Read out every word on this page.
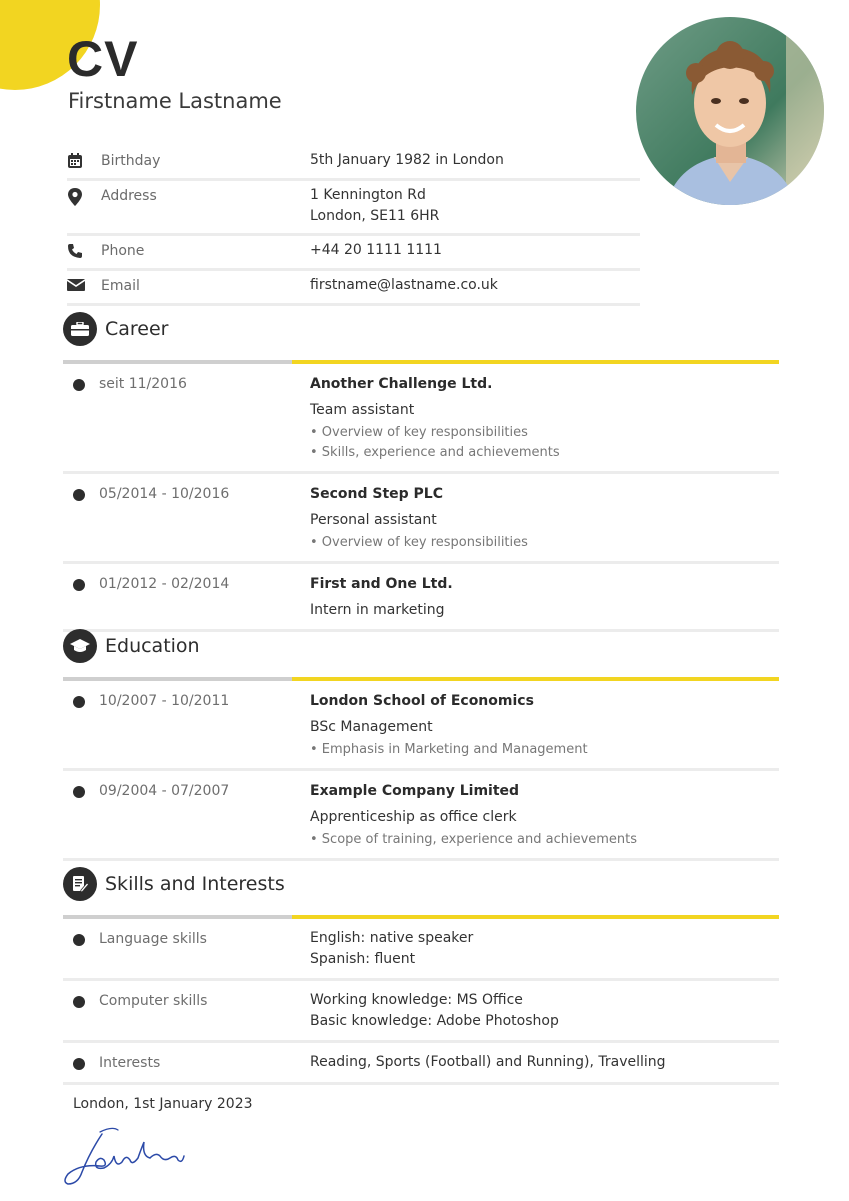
CV
Firstname Lastname
Birthday	5th January 1982 in London
Address	1 Kennington Rd
London, SE11 6HR
Phone	+44 20 1111 1111
Email	firstname@lastname.co.uk
Career
seit 11/2016	Another Challenge Ltd.
Team assistant
• Overview of key responsibilities
• Skills, experience and achievements
05/2014 - 10/2016	Second Step PLC
Personal assistant
• Overview of key responsibilities
01/2012 - 02/2014	First and One Ltd.
Intern in marketing
Education
10/2007 - 10/2011	London School of Economics
BSc Management
• Emphasis in Marketing and Management
09/2004 - 07/2007	Example Company Limited
Apprenticeship as office clerk
• Scope of training, experience and achievements
Skills and Interests
Language skills	English: native speaker
Spanish: fluent
Computer skills	Working knowledge: MS Office
Basic knowledge: Adobe Photoshop
Interests	Reading, Sports (Football) and Running), Travelling
London, 1st January 2023
